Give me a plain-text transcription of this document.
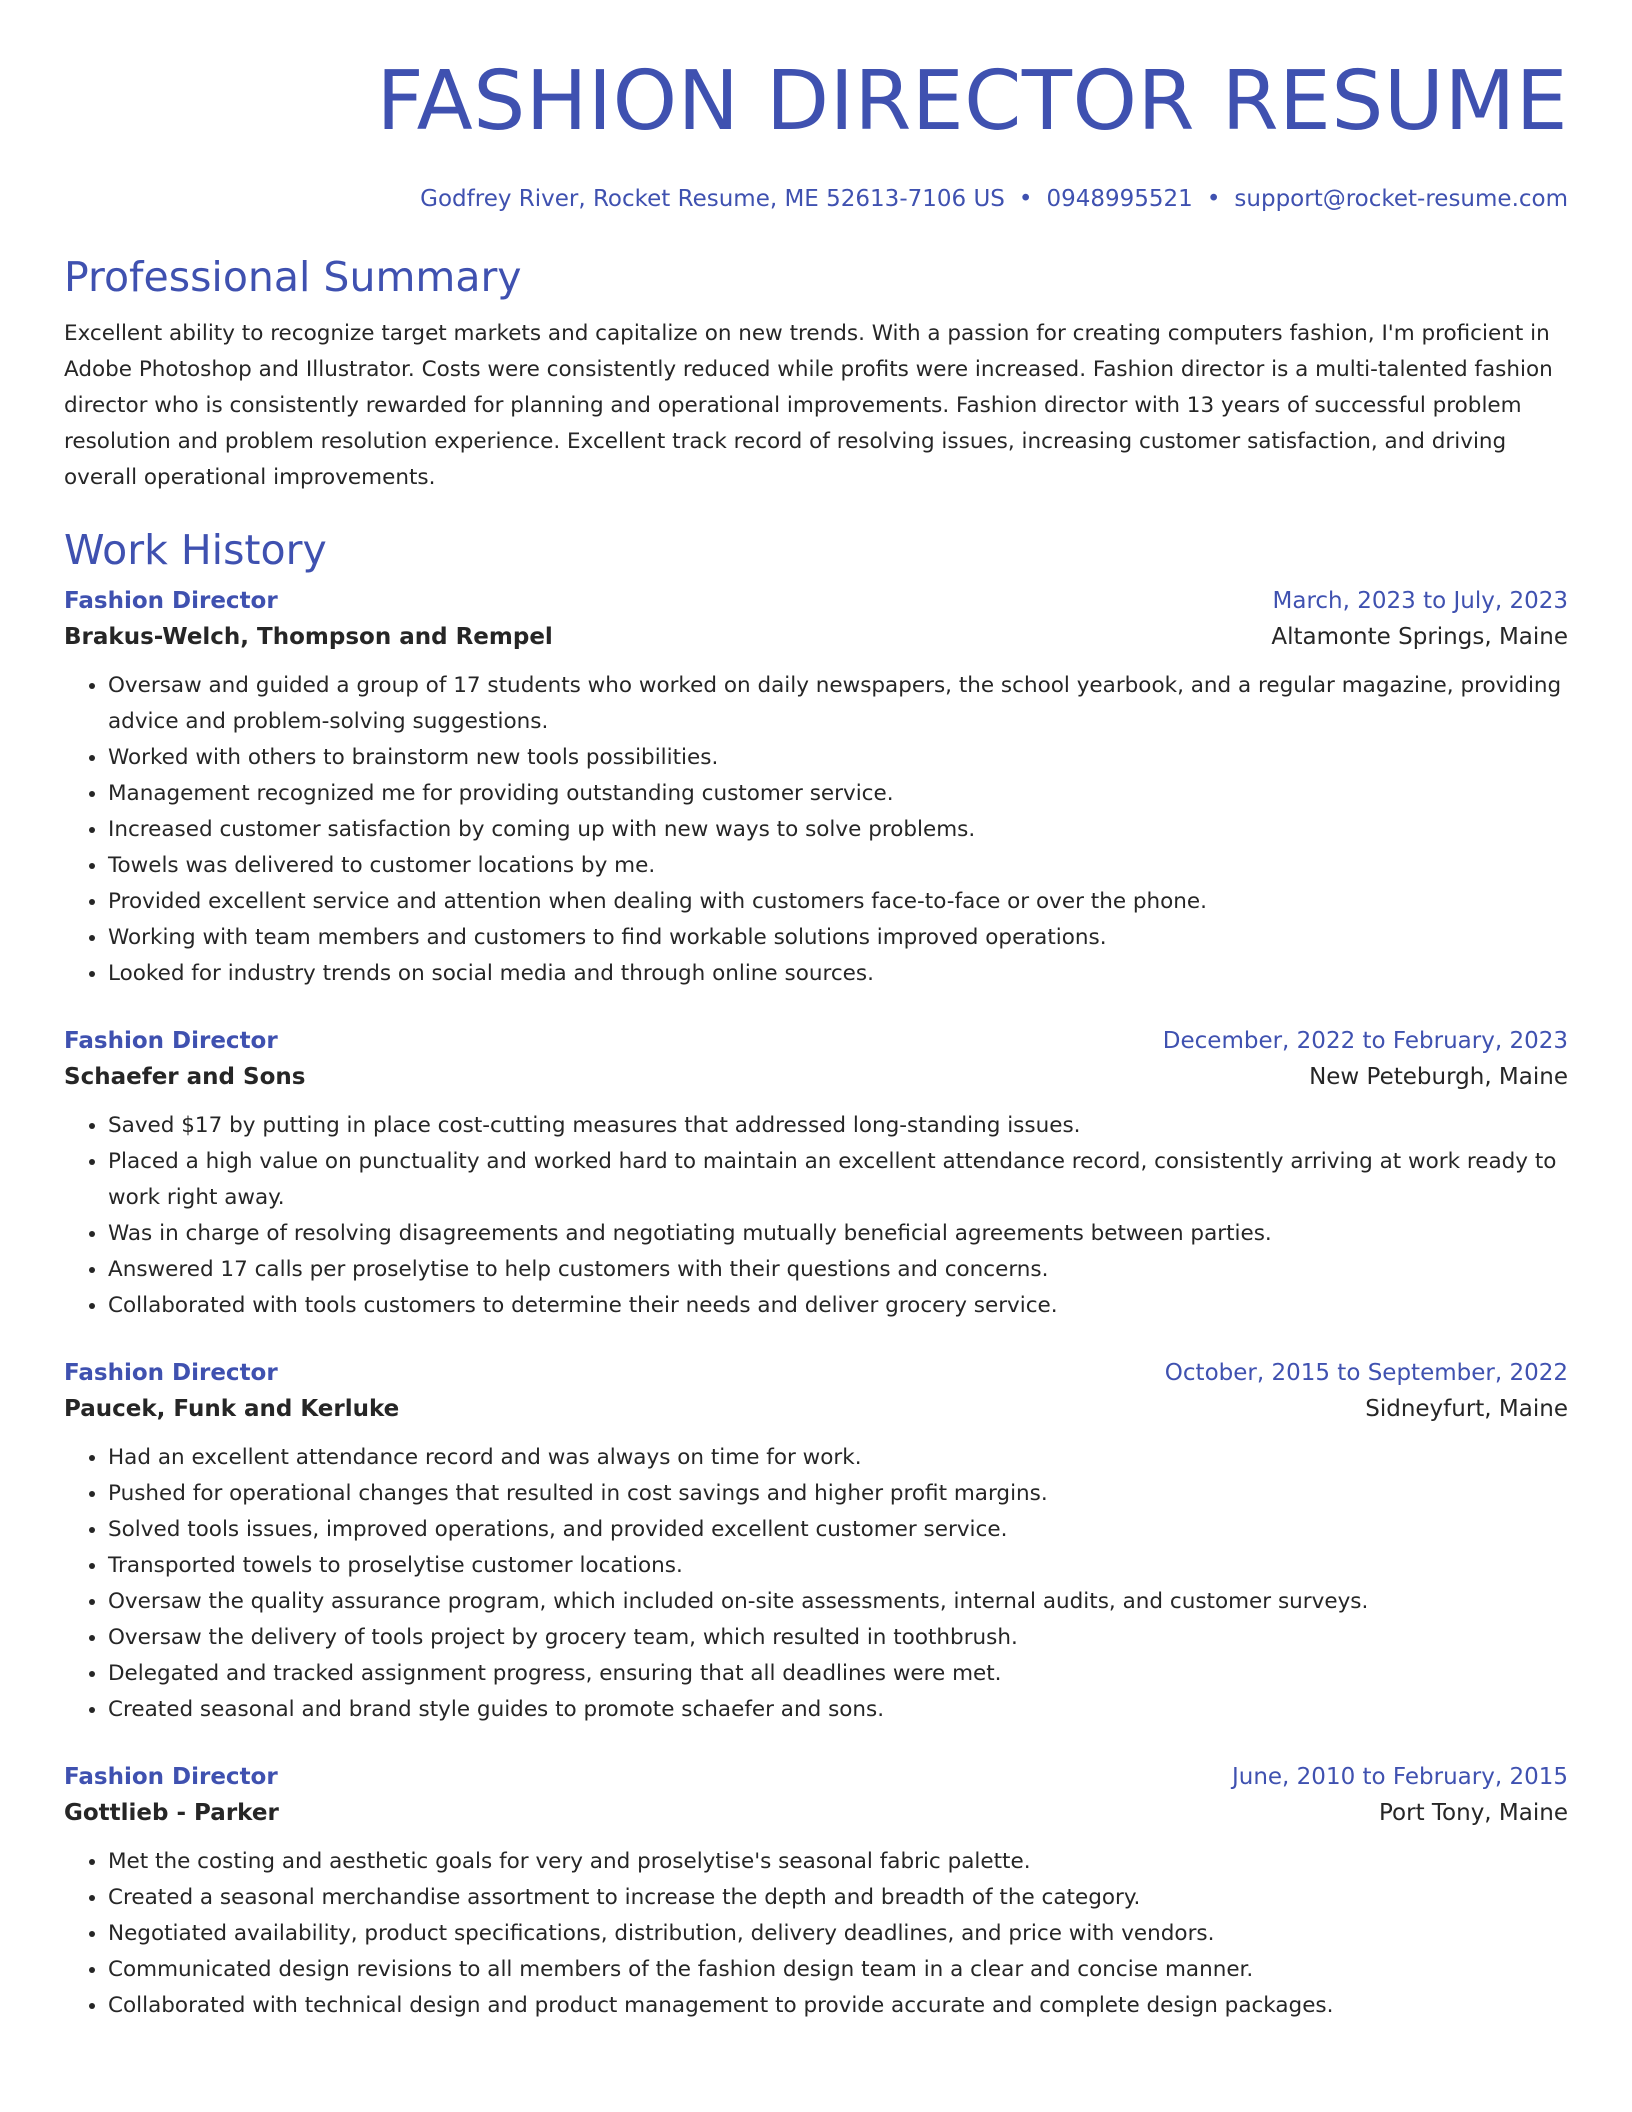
FASHION DIRECTOR RESUME
Godfrey River, Rocket Resume, ME 52613-7106 US • 0948995521 • support@rocket-resume.com
Professional Summary

Excellent ability to recognize target markets and capitalize on new trends. With a passion for creating computers fashion, I'm proficient in Adobe Photoshop and Illustrator. Costs were consistently reduced while profits were increased. Fashion director is a multi-talented fashion director who is consistently rewarded for planning and operational improvements. Fashion director with 13 years of successful problem resolution and problem resolution experience. Excellent track record of resolving issues, increasing customer satisfaction, and driving overall operational improvements.

Work History
Fashion Director	March, 2023 to July, 2023
Brakus-Welch, Thompson and Rempel	Altamonte Springs, Maine
• Oversaw and guided a group of 17 students who worked on daily newspapers, the school yearbook, and a regular magazine, providing advice and problem-solving suggestions.
• Worked with others to brainstorm new tools possibilities.
• Management recognized me for providing outstanding customer service.
• Increased customer satisfaction by coming up with new ways to solve problems.
• Towels was delivered to customer locations by me.
• Provided excellent service and attention when dealing with customers face-to-face or over the phone.
• Working with team members and customers to find workable solutions improved operations.
• Looked for industry trends on social media and through online sources.
Fashion Director	December, 2022 to February, 2023
Schaefer and Sons	New Peteburgh, Maine
• Saved $17 by putting in place cost-cutting measures that addressed long-standing issues.
• Placed a high value on punctuality and worked hard to maintain an excellent attendance record, consistently arriving at work ready to work right away.
• Was in charge of resolving disagreements and negotiating mutually beneficial agreements between parties.
• Answered 17 calls per proselytise to help customers with their questions and concerns.
• Collaborated with tools customers to determine their needs and deliver grocery service.
Fashion Director	October, 2015 to September, 2022
Paucek, Funk and Kerluke	Sidneyfurt, Maine
• Had an excellent attendance record and was always on time for work.
• Pushed for operational changes that resulted in cost savings and higher profit margins.
• Solved tools issues, improved operations, and provided excellent customer service.
• Transported towels to proselytise customer locations.
• Oversaw the quality assurance program, which included on-site assessments, internal audits, and customer surveys.
• Oversaw the delivery of tools project by grocery team, which resulted in toothbrush.
• Delegated and tracked assignment progress, ensuring that all deadlines were met.
• Created seasonal and brand style guides to promote schaefer and sons.
Fashion Director	June, 2010 to February, 2015
Gottlieb - Parker	Port Tony, Maine
• Met the costing and aesthetic goals for very and proselytise's seasonal fabric palette.
• Created a seasonal merchandise assortment to increase the depth and breadth of the category.
• Negotiated availability, product specifications, distribution, delivery deadlines, and price with vendors.
• Communicated design revisions to all members of the fashion design team in a clear and concise manner.
• Collaborated with technical design and product management to provide accurate and complete design packages.
